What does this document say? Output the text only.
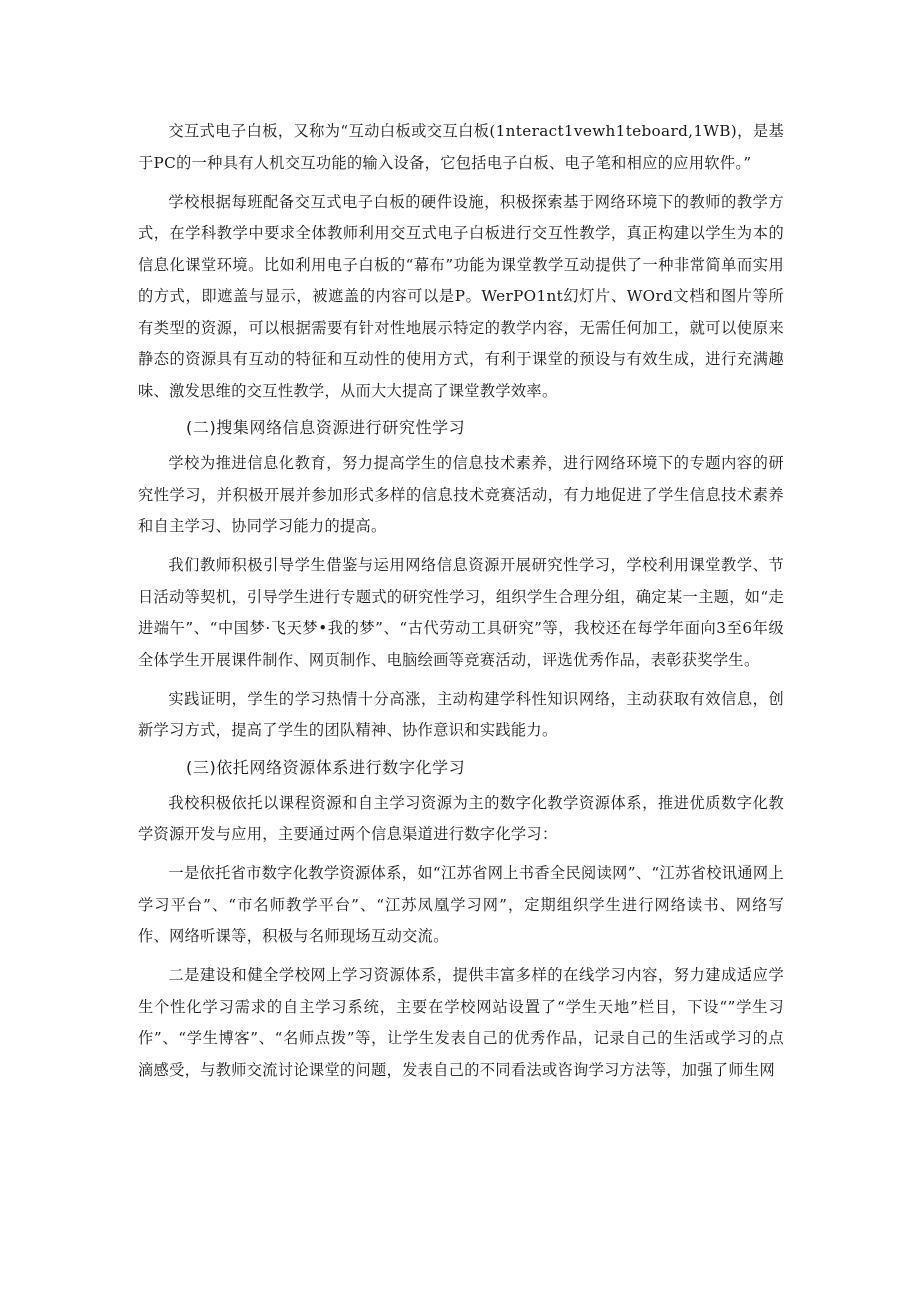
交互式电子白板，又称为“互动白板或交互白板(1nteract1vewh1teboard,1WB)，是基于PC的一种具有人机交互功能的输入设备，它包括电子白板、电子笔和相应的应用软件。”

学校根据每班配备交互式电子白板的硬件设施，积极探索基于网络环境下的教师的教学方式，在学科教学中要求全体教师利用交互式电子白板进行交互性教学，真正构建以学生为本的信息化课堂环境。比如利用电子白板的“幕布”功能为课堂教学互动提供了一种非常简单而实用的方式，即遮盖与显示，被遮盖的内容可以是P。WerPO1nt幻灯片、WOrd文档和图片等所有类型的资源，可以根据需要有针对性地展示特定的教学内容，无需任何加工，就可以使原来静态的资源具有互动的特征和互动性的使用方式，有利于课堂的预设与有效生成，进行充满趣味、激发思维的交互性教学，从而大大提高了课堂教学效率。

(二)搜集网络信息资源进行研究性学习

学校为推进信息化教育，努力提高学生的信息技术素养，进行网络环境下的专题内容的研究性学习，并积极开展并参加形式多样的信息技术竞赛活动，有力地促进了学生信息技术素养和自主学习、协同学习能力的提高。

我们教师积极引导学生借鉴与运用网络信息资源开展研究性学习，学校利用课堂教学、节日活动等契机，引导学生进行专题式的研究性学习，组织学生合理分组，确定某一主题，如“走进端午”、“中国梦·飞天梦•我的梦”、“古代劳动工具研究”等，我校还在每学年面向3至6年级全体学生开展课件制作、网页制作、电脑绘画等竞赛活动，评选优秀作品，表彰获奖学生。

实践证明，学生的学习热情十分高涨，主动构建学科性知识网络，主动获取有效信息，创新学习方式，提高了学生的团队精神、协作意识和实践能力。

(三)依托网络资源体系进行数字化学习

我校积极依托以课程资源和自主学习资源为主的数字化教学资源体系，推进优质数字化教学资源开发与应用，主要通过两个信息渠道进行数字化学习：

一是依托省市数字化教学资源体系，如“江苏省网上书香全民阅读网”、“江苏省校讯通网上学习平台”、“市名师教学平台”、“江苏凤凰学习网”，定期组织学生进行网络读书、网络写作、网络听课等，积极与名师现场互动交流。

二是建设和健全学校网上学习资源体系，提供丰富多样的在线学习内容，努力建成适应学生个性化学习需求的自主学习系统，主要在学校网站设置了“学生天地”栏目，下设“”学生习作”、“学生博客”、“名师点拨”等，让学生发表自己的优秀作品，记录自己的生活或学习的点滴感受，与教师交流讨论课堂的问题，发表自己的不同看法或咨询学习方法等，加强了师生网
